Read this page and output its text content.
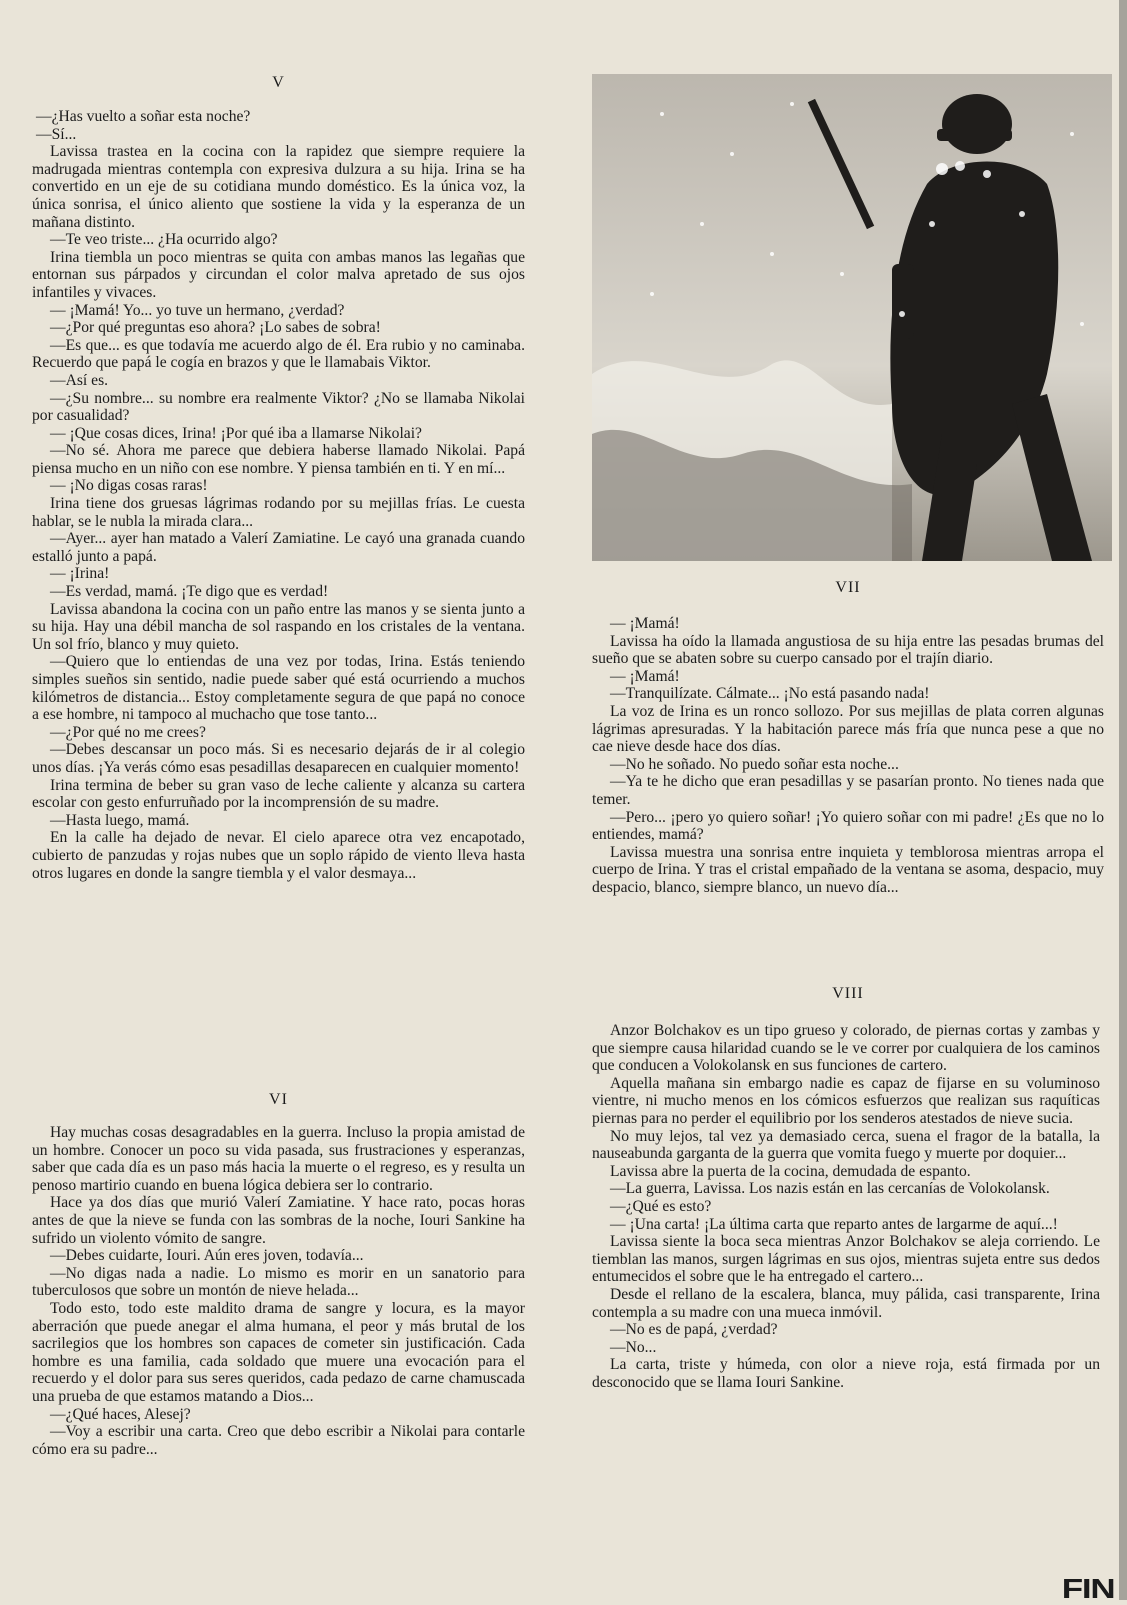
V

—¿Has vuelto a soñar esta noche?

—Sí...

Lavissa trastea en la cocina con la rapidez que siempre requiere la madrugada mientras contempla con expresiva dulzura a su hija. Irina se ha convertido en un eje de su cotidiana mundo doméstico. Es la única voz, la única sonrisa, el único aliento que sostiene la vida y la esperanza de un mañana distinto.

—Te veo triste... ¿Ha ocurrido algo?

Irina tiembla un poco mientras se quita con ambas manos las legañas que entornan sus párpados y circundan el color malva apretado de sus ojos infantiles y vivaces.

— ¡Mamá! Yo... yo tuve un hermano, ¿verdad?

—¿Por qué preguntas eso ahora? ¡Lo sabes de sobra!

—Es que... es que todavía me acuerdo algo de él. Era rubio y no caminaba. Recuerdo que papá le cogía en brazos y que le llamabais Viktor.

—Así es.

—¿Su nombre... su nombre era realmente Viktor? ¿No se llamaba Nikolai por casualidad?

— ¡Que cosas dices, Irina! ¡Por qué iba a llamarse Nikolai?

—No sé. Ahora me parece que debiera haberse llamado Nikolai. Papá piensa mucho en un niño con ese nombre. Y piensa también en ti. Y en mí...

— ¡No digas cosas raras!

Irina tiene dos gruesas lágrimas rodando por su mejillas frías. Le cuesta hablar, se le nubla la mirada clara...

—Ayer... ayer han matado a Valerí Zamiatine. Le cayó una granada cuando estalló junto a papá.

— ¡Irina!

—Es verdad, mamá. ¡Te digo que es verdad!

Lavissa abandona la cocina con un paño entre las manos y se sienta junto a su hija. Hay una débil mancha de sol raspando en los cristales de la ventana. Un sol frío, blanco y muy quieto.

—Quiero que lo entiendas de una vez por todas, Irina. Estás teniendo simples sueños sin sentido, nadie puede saber qué está ocurriendo a muchos kilómetros de distancia... Estoy completamente segura de que papá no conoce a ese hombre, ni tampoco al muchacho que tose tanto...

—¿Por qué no me crees?

—Debes descansar un poco más. Si es necesario dejarás de ir al colegio unos días. ¡Ya verás cómo esas pesadillas desaparecen en cualquier momento!

Irina termina de beber su gran vaso de leche caliente y alcanza su cartera escolar con gesto enfurruñado por la incomprensión de su madre.

—Hasta luego, mamá.

En la calle ha dejado de nevar. El cielo aparece otra vez encapotado, cubierto de panzudas y rojas nubes que un soplo rápido de viento lleva hasta otros lugares en donde la sangre tiembla y el valor desmaya...

VI

Hay muchas cosas desagradables en la guerra. Incluso la propia amistad de un hombre. Conocer un poco su vida pasada, sus frustraciones y esperanzas, saber que cada día es un paso más hacia la muerte o el regreso, es y resulta un penoso martirio cuando en buena lógica debiera ser lo contrario.

Hace ya dos días que murió Valerí Zamiatine. Y hace rato, pocas horas antes de que la nieve se funda con las sombras de la noche, Iouri Sankine ha sufrido un violento vómito de sangre.

—Debes cuidarte, Iouri. Aún eres joven, todavía...

—No digas nada a nadie. Lo mismo es morir en un sanatorio para tuberculosos que sobre un montón de nieve helada...

Todo esto, todo este maldito drama de sangre y locura, es la mayor aberración que puede anegar el alma humana, el peor y más brutal de los sacrilegios que los hombres son capaces de cometer sin justificación. Cada hombre es una familia, cada soldado que muere una evocación para el recuerdo y el dolor para sus seres queridos, cada pedazo de carne chamuscada una prueba de que estamos matando a Dios...

—¿Qué haces, Alesej?

—Voy a escribir una carta. Creo que debo escribir a Nikolai para contarle cómo era su padre...

VII

— ¡Mamá!

Lavissa ha oído la llamada angustiosa de su hija entre las pesadas brumas del sueño que se abaten sobre su cuerpo cansado por el trajín diario.

— ¡Mamá!

—Tranquilízate. Cálmate... ¡No está pasando nada!

La voz de Irina es un ronco sollozo. Por sus mejillas de plata corren algunas lágrimas apresuradas. Y la habitación parece más fría que nunca pese a que no cae nieve desde hace dos días.

—No he soñado. No puedo soñar esta noche...

—Ya te he dicho que eran pesadillas y se pasarían pronto. No tienes nada que temer.

—Pero... ¡pero yo quiero soñar! ¡Yo quiero soñar con mi padre! ¿Es que no lo entiendes, mamá?

Lavissa muestra una sonrisa entre inquieta y temblorosa mientras arropa el cuerpo de Irina. Y tras el cristal empañado de la ventana se asoma, despacio, muy despacio, blanco, siempre blanco, un nuevo día...

VIII

Anzor Bolchakov es un tipo grueso y colorado, de piernas cortas y zambas y que siempre causa hilaridad cuando se le ve correr por cualquiera de los caminos que conducen a Volokolansk en sus funciones de cartero.

Aquella mañana sin embargo nadie es capaz de fijarse en su voluminoso vientre, ni mucho menos en los cómicos esfuerzos que realizan sus raquíticas piernas para no perder el equilibrio por los senderos atestados de nieve sucia.

No muy lejos, tal vez ya demasiado cerca, suena el fragor de la batalla, la nauseabunda garganta de la guerra que vomita fuego y muerte por doquier...

Lavissa abre la puerta de la cocina, demudada de espanto.

—La guerra, Lavissa. Los nazis están en las cercanías de Volokolansk.

—¿Qué es esto?

— ¡Una carta! ¡La última carta que reparto antes de largarme de aquí...!

Lavissa siente la boca seca mientras Anzor Bolchakov se aleja corriendo. Le tiemblan las manos, surgen lágrimas en sus ojos, mientras sujeta entre sus dedos entumecidos el sobre que le ha entregado el cartero...

Desde el rellano de la escalera, blanca, muy pálida, casi transparente, Irina contempla a su madre con una mueca inmóvil.

—No es de papá, ¿verdad?

—No...

La carta, triste y húmeda, con olor a nieve roja, está firmada por un desconocido que se llama Iouri Sankine.

FIN
